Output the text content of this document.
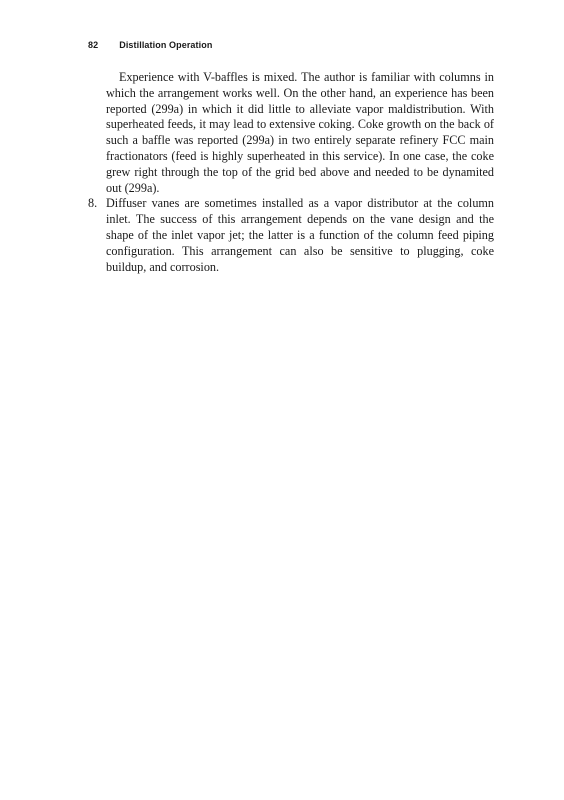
82 Distillation Operation

Experience with V-baffles is mixed. The author is familiar with columns in which the arrangement works well. On the other hand, an experience has been reported (299a) in which it did little to alleviate vapor maldistribution. With superheated feeds, it may lead to extensive coking. Coke growth on the back of such a baffle was reported (299a) in two entirely separate refinery FCC main fractionators (feed is highly superheated in this service). In one case, the coke grew right through the top of the grid bed above and needed to be dynamited out (299a).

8. Diffuser vanes are sometimes installed as a vapor distributor at the column inlet. The success of this arrangement depends on the vane design and the shape of the inlet vapor jet; the latter is a function of the column feed piping configuration. This arrangement can also be sensitive to plugging, coke buildup, and corrosion.
